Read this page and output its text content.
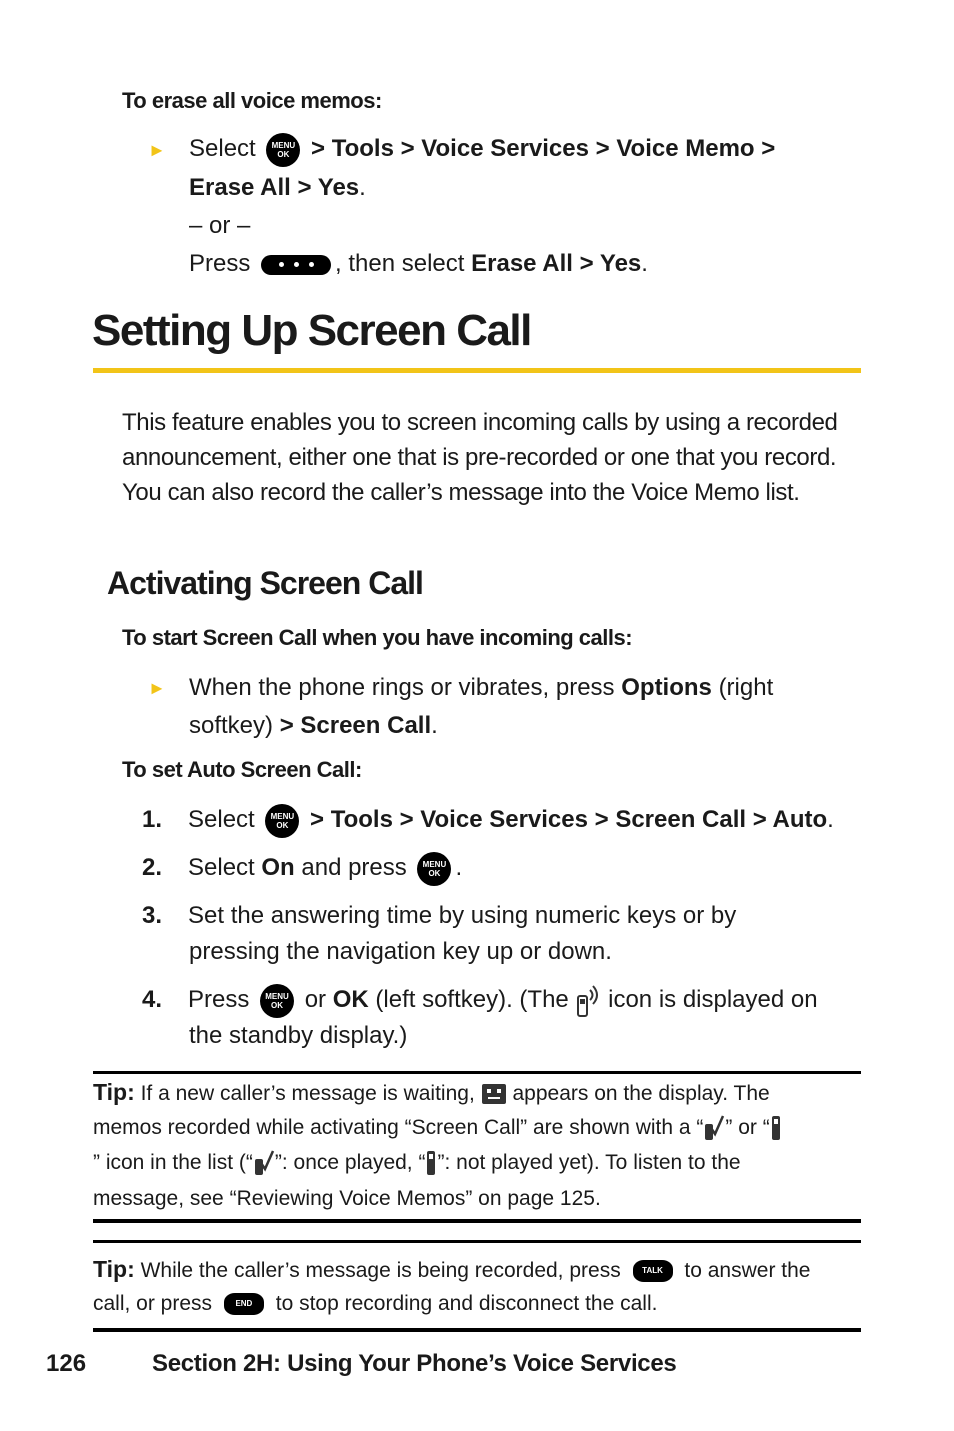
To erase all voice memos:
► Select MENU
OK > Tools > Voice Services > Voice Memo >
Erase All > Yes.
– or –
Press	, then select Erase All > Yes.
Setting Up Screen Call
This feature enables you to screen incoming calls by using a recorded announcement, either one that is pre-recorded or one that you record. You can also record the caller’s message into the Voice Memo list.
Activating Screen Call
To start Screen Call when you have incoming calls:
► When the phone rings or vibrates, press Options (right
softkey) > Screen Call.
To set Auto Screen Call:
1. Select MENU
OK > Tools > Voice Services > Screen Call > Auto.
2. Select On and press MENU
OK .
3. Set the answering time by using numeric keys or by
pressing the navigation key up or down.
4. Press MENU
OK or OK (left softkey). (The icon is displayed on
the standby display.)
Tip: If a new caller’s message is waiting, appears on the display. The
memos recorded while activating “Screen Call” are shown with a “ ” or “
” icon in the list (“ ”: once played, “ ”: not played yet). To listen to the
message, see “Reviewing Voice Memos” on page 125.
Tip: While the caller’s message is being recorded, press	TALK to answer the
call, or press	END to stop recording and disconnect the call.
126	Section 2H: Using Your Phone’s Voice Services
